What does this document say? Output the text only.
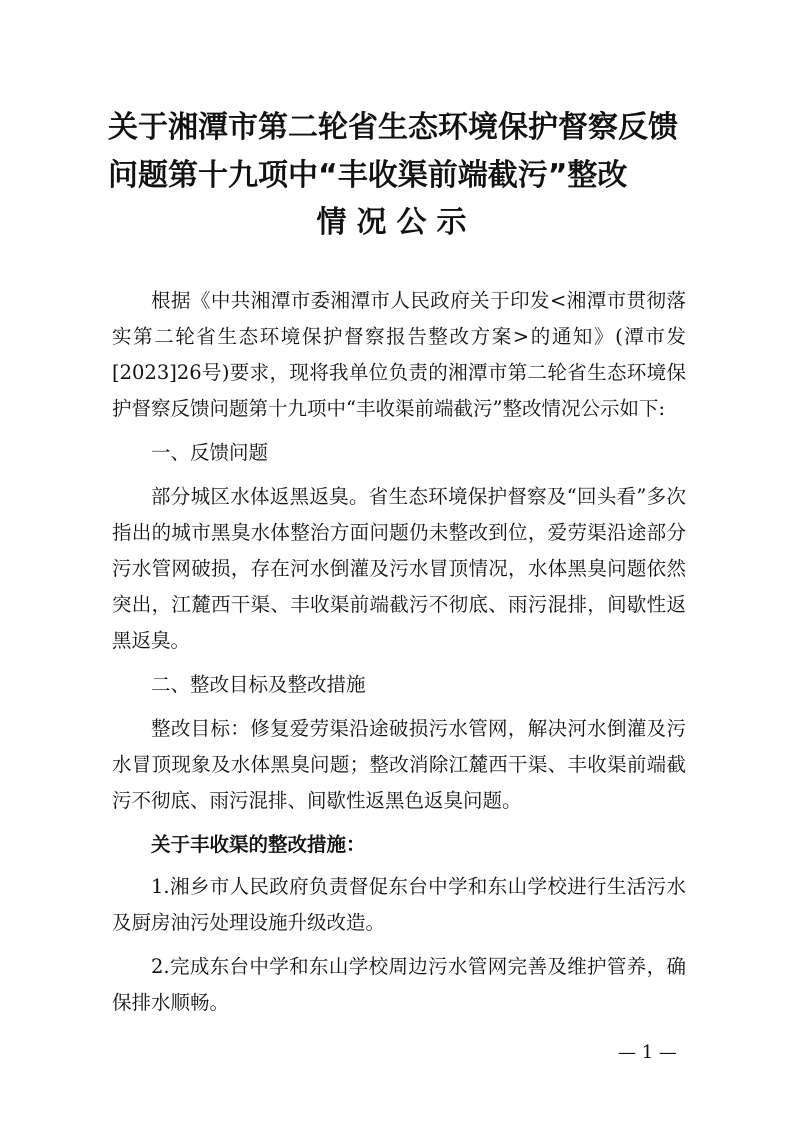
关于湘潭市第二轮省生态环境保护督察反馈
问题第十九项中“丰收渠前端截污”整改
情况公示

根据《中共湘潭市委湘潭市人民政府关于印发<湘潭市贯彻落实第二轮省生态环境保护督察报告整改方案>的通知》(潭市发[2023]26号)要求，现将我单位负责的湘潭市第二轮省生态环境保护督察反馈问题第十九项中“丰收渠前端截污”整改情况公示如下:

一、反馈问题

部分城区水体返黑返臭。省生态环境保护督察及“回头看”多次指出的城市黑臭水体整治方面问题仍未整改到位，爱劳渠沿途部分污水管网破损，存在河水倒灌及污水冒顶情况，水体黑臭问题依然突出，江麓西干渠、丰收渠前端截污不彻底、雨污混排，间歇性返黑返臭。

二、整改目标及整改措施

整改目标：修复爱劳渠沿途破损污水管网，解决河水倒灌及污水冒顶现象及水体黑臭问题；整改消除江麓西干渠、丰收渠前端截污不彻底、雨污混排、间歇性返黑色返臭问题。

关于丰收渠的整改措施：

1.湘乡市人民政府负责督促东台中学和东山学校进行生活污水及厨房油污处理设施升级改造。

2.完成东台中学和东山学校周边污水管网完善及维护管养，确保排水顺畅。

— 1 —
